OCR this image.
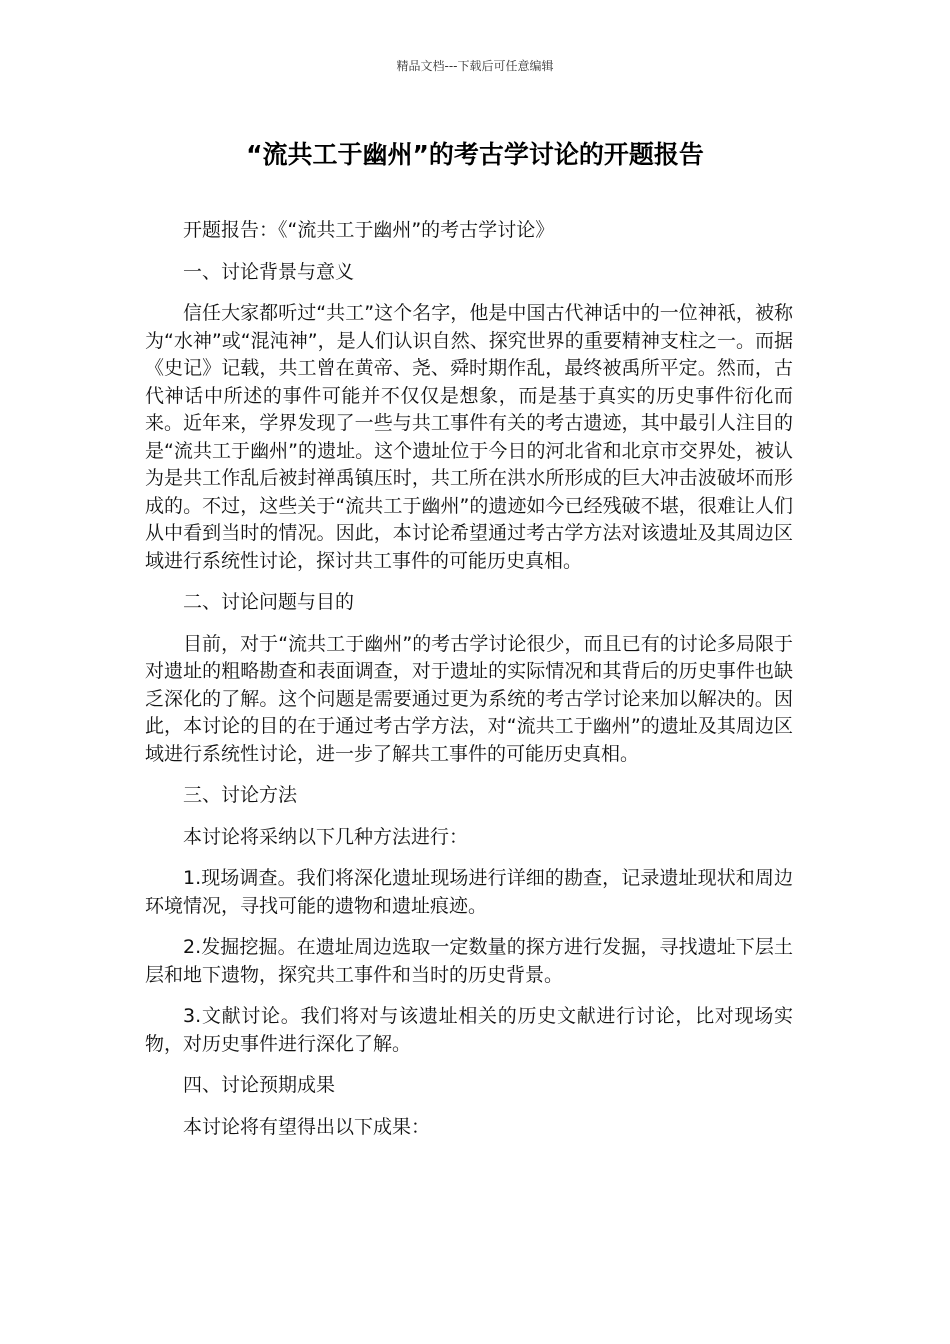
精品文档---下载后可任意编辑
“流共工于幽州”的考古学讨论的开题报告

开题报告：《“流共工于幽州”的考古学讨论》

一、讨论背景与意义

信任大家都听过“共工”这个名字，他是中国古代神话中的一位神祇，被称为“水神”或“混沌神”，是人们认识自然、探究世界的重要精神支柱之一。而据《史记》记载，共工曾在黄帝、尧、舜时期作乱，最终被禹所平定。然而，古代神话中所述的事件可能并不仅仅是想象，而是基于真实的历史事件衍化而来。近年来，学界发现了一些与共工事件有关的考古遗迹，其中最引人注目的是“流共工于幽州”的遗址。这个遗址位于今日的河北省和北京市交界处，被认为是共工作乱后被封禅禹镇压时，共工所在洪水所形成的巨大冲击波破坏而形成的。不过，这些关于“流共工于幽州”的遗迹如今已经残破不堪，很难让人们从中看到当时的情况。因此，本讨论希望通过考古学方法对该遗址及其周边区域进行系统性讨论，探讨共工事件的可能历史真相。

二、讨论问题与目的

目前，对于“流共工于幽州”的考古学讨论很少，而且已有的讨论多局限于对遗址的粗略勘查和表面调查，对于遗址的实际情况和其背后的历史事件也缺乏深化的了解。这个问题是需要通过更为系统的考古学讨论来加以解决的。因此，本讨论的目的在于通过考古学方法，对“流共工于幽州”的遗址及其周边区域进行系统性讨论，进一步了解共工事件的可能历史真相。

三、讨论方法

本讨论将采纳以下几种方法进行：

1.现场调查。我们将深化遗址现场进行详细的勘查，记录遗址现状和周边环境情况，寻找可能的遗物和遗址痕迹。

2.发掘挖掘。在遗址周边选取一定数量的探方进行发掘，寻找遗址下层土层和地下遗物，探究共工事件和当时的历史背景。

3.文献讨论。我们将对与该遗址相关的历史文献进行讨论，比对现场实物，对历史事件进行深化了解。

四、讨论预期成果

本讨论将有望得出以下成果：
